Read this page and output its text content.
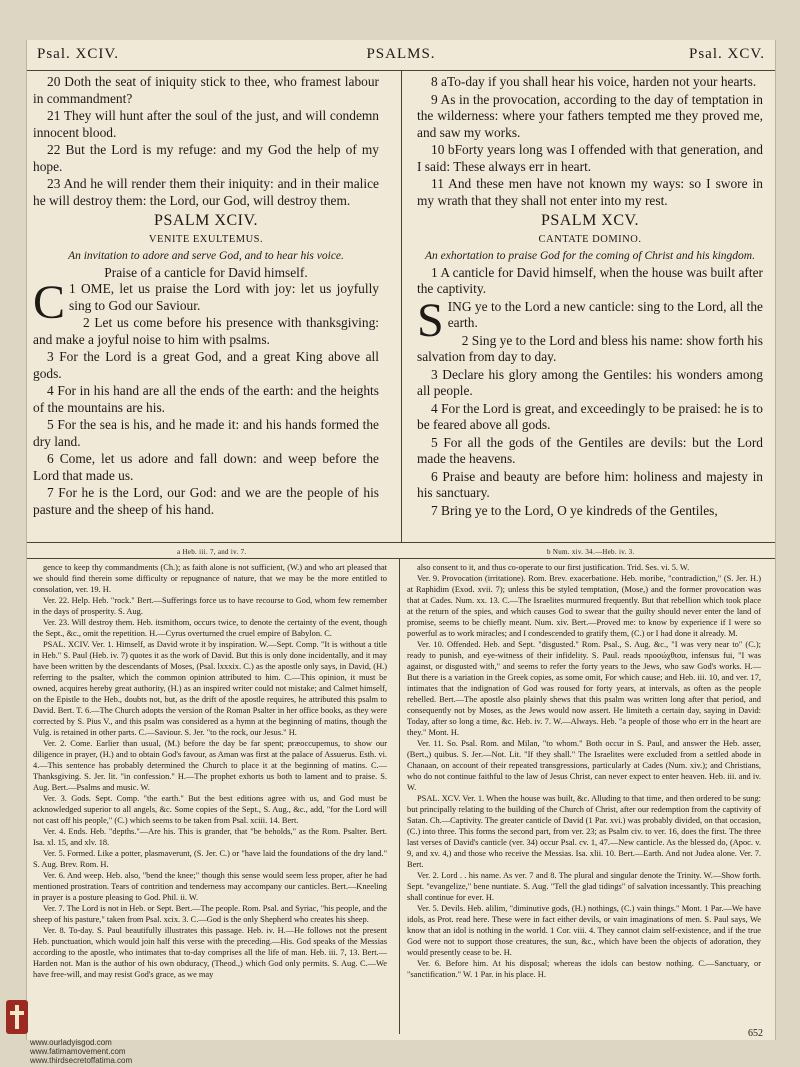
Psal. XCIV.	PSALMS.	Psal. XCV.

20 Doth the seat of iniquity stick to thee, who framest labour in commandment?

21 They will hunt after the soul of the just, and will condemn innocent blood.

22 But the Lord is my refuge: and my God the help of my hope.

23 And he will render them their iniquity: and in their malice he will destroy them: the Lord, our God, will destroy them.

PSALM XCIV.
VENITE EXULTEMUS.
An invitation to adore and serve God, and to hear his voice.
Praise of a canticle for David himself.

1
C OME, let us praise the Lord with joy: let us joyfully sing to God our Saviour.

2 Let us come before his presence with thanksgiving: and make a joyful noise to him with psalms.

3 For the Lord is a great God, and a great King above all gods.

4 For in his hand are all the ends of the earth: and the heights of the mountains are his.

5 For the sea is his, and he made it: and his hands formed the dry land.

6 Come, let us adore and fall down: and weep before the Lord that made us.

7 For he is the Lord, our God: and we are the people of his pasture and the sheep of his hand.

8 aTo-day if you shall hear his voice, harden not your hearts.

9 As in the provocation, according to the day of temptation in the wilderness: where your fathers tempted me they proved me, and saw my works.

10 bForty years long was I offended with that generation, and I said: These always err in heart.

11 And these men have not known my ways: so I swore in my wrath that they shall not enter into my rest.

PSALM XCV.
CANTATE DOMINO.
An exhortation to praise God for the coming of Christ and his kingdom.

1 A canticle for David himself, when the house was built after the captivity.

SING ye to the Lord a new canticle: sing to the Lord, all the earth.

2 Sing ye to the Lord and bless his name: show forth his salvation from day to day.

3 Declare his glory among the Gentiles: his wonders among all people.

4 For the Lord is great, and exceedingly to be praised: he is to be feared above all gods.

5 For all the gods of the Gentiles are devils: but the Lord made the heavens.

6 Praise and beauty are before him: holiness and majesty in his sanctuary.

7 Bring ye to the Lord, O ye kindreds of the Gentiles,

a Heb. iii. 7, and iv. 7.	b Num. xiv. 34.—Heb. iv. 3.

gence to keep thy commandments (Ch.); as faith alone is not sufficient, (W.) and who art pleased that we should find therein some difficulty or repugnance of nature, that we may be the more entitled to consolation, ver. 19. H.

Ver. 22. Help. Heb. "rock." Bert.—Sufferings force us to have recourse to God, whom few remember in the days of prosperity. S. Aug.

Ver. 23. Will destroy them. Heb. itsmithom, occurs twice, to denote the certainty of the event, though the Sept., &c., omit the repetition. H.—Cyrus overturned the cruel empire of Babylon. C.

PSAL. XCIV. Ver. 1. Himself, as David wrote it by inspiration. W.—Sept. Comp. "It is without a title in Heb." S. Paul (Heb. iv. 7) quotes it as the work of David. But this is only done incidentally, and it may have been written by the descendants of Moses, (Psal. lxxxix. C.) as the apostle only says, in David, (H.) referring to the psalter, which the common opinion attributed to him. C.—This opinion, it must be owned, acquires hereby great authority, (H.) as an inspired writer could not mistake; and Calmet himself, on the Epistle to the Heb., doubts not, but, as the drift of the apostle requires, he attributed this psalm to David. Bert. T. 6.—The Church adopts the version of the Roman Psalter in her office books, as they were corrected by S. Pius V., and this psalm was considered as a hymn at the beginning of matins, though the Vulg. is retained in other parts. C.—Saviour. S. Jer. "to the rock, our Jesus." H.

Ver. 2. Come. Earlier than usual, (M.) before the day be far spent; præoccupemus, to show our diligence in prayer, (H.) and to obtain God's favour, as Aman was first at the palace of Assuerus. Esth. vi. 4.—This sentence has probably determined the Church to place it at the beginning of matins. C.—Thanksgiving. S. Jer. lit. "in confession." H.—The prophet exhorts us both to lament and to praise. S. Aug. Bert.—Psalms and music. W.

Ver. 3. Gods. Sept. Comp. "the earth." But the best editions agree with us, and God must be acknowledged superior to all angels, &c. Some copies of the Sept., S. Aug., &c., add, "for the Lord will not cast off his people," (C.) which seems to be taken from Psal. xciii. 14. Bert.

Ver. 4. Ends. Heb. "depths."—Are his. This is grander, that "be beholds," as the Rom. Psalter. Bert. Isa. xl. 15, and xlv. 18.

Ver. 5. Formed. Like a potter, plasmaverunt, (S. Jer. C.) or "have laid the foundations of the dry land." S. Aug. Brev. Rom. H.

Ver. 6. And weep. Heb. also, "bend the knee;" though this sense would seem less proper, after he had mentioned prostration. Tears of contrition and tenderness may accompany our canticles. Bert.—Kneeling in prayer is a posture pleasing to God. Phil. ii. W.

Ver. 7. The Lord is not in Heb. or Sept. Bert.—The people. Rom. Psal. and Syriac, "his people, and the sheep of his pasture," taken from Psal. xcix. 3. C.—God is the only Shepherd who creates his sheep.

Ver. 8. To-day. S. Paul beautifully illustrates this passage. Heb. iv. H.—He follows not the present Heb. punctuation, which would join half this verse with the preceding.—His. God speaks of the Messias according to the apostle, who intimates that to-day comprises all the life of man. Heb. iii. 7, 13. Bert.—Harden not. Man is the author of his own obduracy, (Theod.,) which God only permits. S. Aug. C.—We have free-will, and may resist God's grace, as we may

also consent to it, and thus co-operate to our first justification. Trid. Ses. vi. 5. W.

Ver. 9. Provocation (irritatione). Rom. Brev. exacerbatione. Heb. moribe, "contradiction," (S. Jer. H.) at Raphidim (Exod. xvii. 7); unless this be styled temptation, (Mose,) and the former provocation was that at Cades. Num. xx. 13. C.—The Israelites murmured frequently. But that rebellion which took place at the return of the spies, and which causes God to swear that the guilty should never enter the land of promise, seems to be chiefly meant. Num. xiv. Bert.—Proved me: to know by experience if I were so powerful as to work miracles; and I condescended to gratify them, (C.) or I had done it already. M.

Ver. 10. Offended. Heb. and Sept. "disgusted." Rom. Psal., S. Aug. &c., "I was very near to" (C.); ready to punish, and eye-witness of their infidelity. S. Paul. reads προσώχθισα, infensus fui, "I was against, or disgusted with," and seems to refer the forty years to the Jews, who saw God's works. H.—But there is a variation in the Greek copies, as some omit, For which cause; and Heb. iii. 10, and ver. 17, intimates that the indignation of God was roused for forty years, at intervals, as often as the people rebelled. Bert.—The apostle also plainly shews that this psalm was written long after that period, and consequently not by Moses, as the Jews would now assert. He limiteth a certain day, saying in David: Today, after so long a time, &c. Heb. iv. 7. W.—Always. Heb. "a people of those who err in the heart are they." Mont. H.

Ver. 11. So. Psal. Rom. and Milan, "to whom." Both occur in S. Paul, and answer the Heb. asser, (Bert.,) quibus. S. Jer.—Not. Lit. "If they shall." The Israelites were excluded from a settled abode in Chanaan, on account of their repeated transgressions, particularly at Cades (Num. xiv.); and Christians, who do not continue faithful to the law of Jesus Christ, can never expect to enter heaven. Heb. iii. and iv. W.

PSAL. XCV. Ver. 1. When the house was built, &c. Alluding to that time, and then ordered to be sung: but principally relating to the building of the Church of Christ, after our redemption from the captivity of Satan. Ch.—Captivity. The greater canticle of David (1 Par. xvi.) was probably divided, on that occasion, (C.) into three. This forms the second part, from ver. 23; as Psalm civ. to ver. 16, does the first. The three last verses of David's canticle (ver. 34) occur Psal. cv. 1, 47.—New canticle. As the blessed do, (Apoc. v. 9, and xv. 4,) and those who receive the Messias. Isa. xlii. 10. Bert.—Earth. And not Judea alone. Ver. 7. Bert.

Ver. 2. Lord . . his name. As ver. 7 and 8. The plural and singular denote the Trinity. W.—Show forth. Sept. "evangelize," bene nuntiate. S. Aug. "Tell the glad tidings" of salvation incessantly. This preaching shall continue for ever. H.

Ver. 5. Devils. Heb. alilim, "diminutive gods, (H.) nothings, (C.) vain things." Mont. 1 Par.—We have idols, as Prot. read here. These were in fact either devils, or vain imaginations of men. S. Paul says, We know that an idol is nothing in the world. 1 Cor. viii. 4. They cannot claim self-existence, and if the true God were not to support those creatures, the sun, &c., which have been the objects of adoration, they would presently cease to be. H.

Ver. 6. Before him. At his disposal; whereas the idols can bestow nothing. C.—Sanctuary, or "sanctification." W. 1 Par. in his place. H.

652
www.ourladyisgod.com
www.fatimamovement.com
www.thirdsecretoffatima.com
